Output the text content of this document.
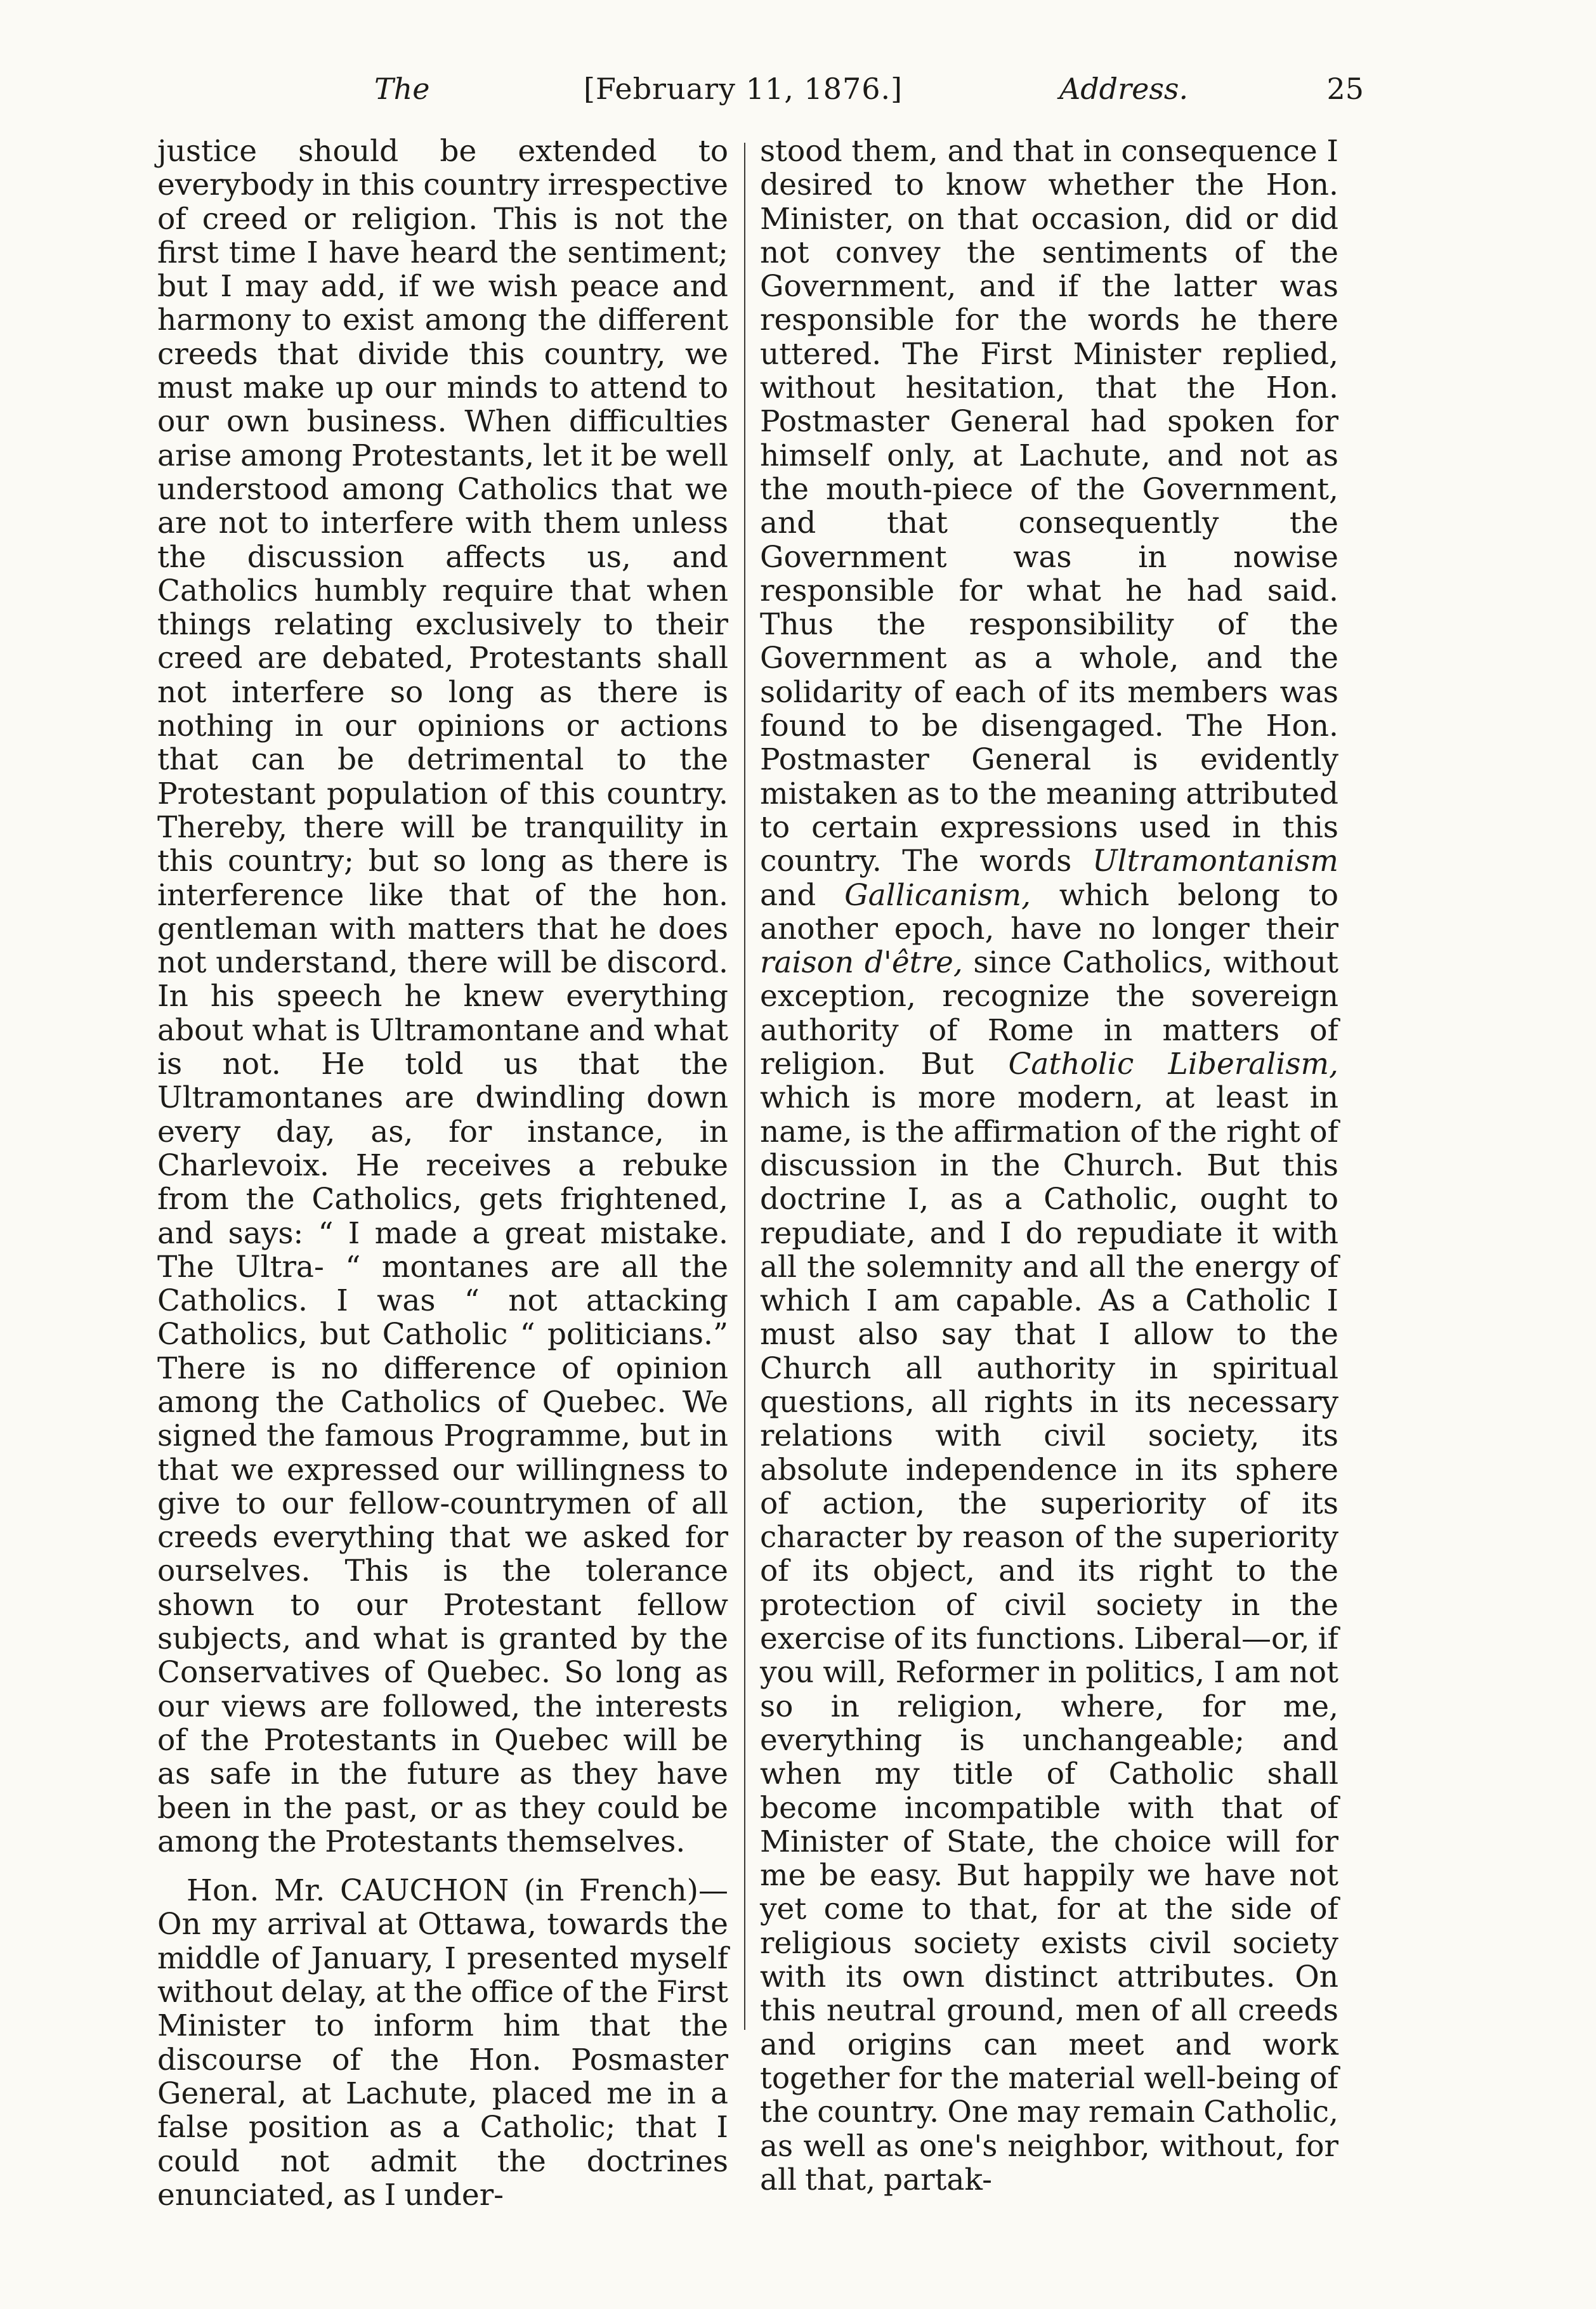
The	[February 11, 1876.]	Address.	25

justice should be extended to everybody in this country irrespective of creed or religion. This is not the first time I have heard the sentiment; but I may add, if we wish peace and harmony to exist among the different creeds that divide this country, we must make up our minds to attend to our own business. When difficulties arise among Protestants, let it be well understood among Catholics that we are not to interfere with them unless the discussion affects us, and Catholics humbly require that when things relating exclusively to their creed are debated, Protestants shall not interfere so long as there is nothing in our opinions or actions that can be detrimental to the Protestant population of this country. Thereby, there will be tranquility in this country; but so long as there is interference like that of the hon. gentleman with matters that he does not understand, there will be discord. In his speech he knew everything about what is Ultramontane and what is not. He told us that the Ultramontanes are dwindling down every day, as, for instance, in Charlevoix. He receives a rebuke from the Catholics, gets frightened, and says: “ I made a great mistake. The Ultra- “ montanes are all the Catholics. I was “ not attacking Catholics, but Catholic “ politicians.” There is no difference of opinion among the Catholics of Quebec. We signed the famous Programme, but in that we expressed our willingness to give to our fellow-countrymen of all creeds everything that we asked for ourselves. This is the tolerance shown to our Protestant fellow subjects, and what is granted by the Conservatives of Quebec. So long as our views are followed, the interests of the Protestants in Quebec will be as safe in the future as they have been in the past, or as they could be among the Protestants themselves.

Hon. Mr. CAUCHON (in French)— On my arrival at Ottawa, towards the middle of January, I presented myself without delay, at the office of the First Minister to inform him that the discourse of the Hon. Posmaster General, at Lachute, placed me in a false position as a Catholic; that I could not admit the doctrines enunciated, as I under-

stood them, and that in consequence I desired to know whether the Hon. Minister, on that occasion, did or did not convey the sentiments of the Government, and if the latter was responsible for the words he there uttered. The First Minister replied, without hesitation, that the Hon. Postmaster General had spoken for himself only, at Lachute, and not as the mouth-piece of the Government, and that consequently the Government was in nowise responsible for what he had said. Thus the responsibility of the Government as a whole, and the solidarity of each of its members was found to be disengaged. The Hon. Postmaster General is evidently mistaken as to the meaning attributed to certain expressions used in this country. The words Ultramontanism and Gallicanism, which belong to another epoch, have no longer their raison d'être, since Catholics, without exception, recognize the sovereign authority of Rome in matters of religion. But Catholic Liberalism, which is more modern, at least in name, is the affirmation of the right of discussion in the Church. But this doctrine I, as a Catholic, ought to repudiate, and I do repudiate it with all the solemnity and all the energy of which I am capable. As a Catholic I must also say that I allow to the Church all authority in spiritual questions, all rights in its necessary relations with civil society, its absolute independence in its sphere of action, the superiority of its character by reason of the superiority of its object, and its right to the protection of civil society in the exercise of its functions. Liberal—or, if you will, Reformer in politics, I am not so in religion, where, for me, everything is unchangeable; and when my title of Catholic shall become incompatible with that of Minister of State, the choice will for me be easy. But happily we have not yet come to that, for at the side of religious society exists civil society with its own distinct attributes. On this neutral ground, men of all creeds and origins can meet and work together for the material well-being of the country. One may remain Catholic, as well as one's neighbor, without, for all that, partak-
